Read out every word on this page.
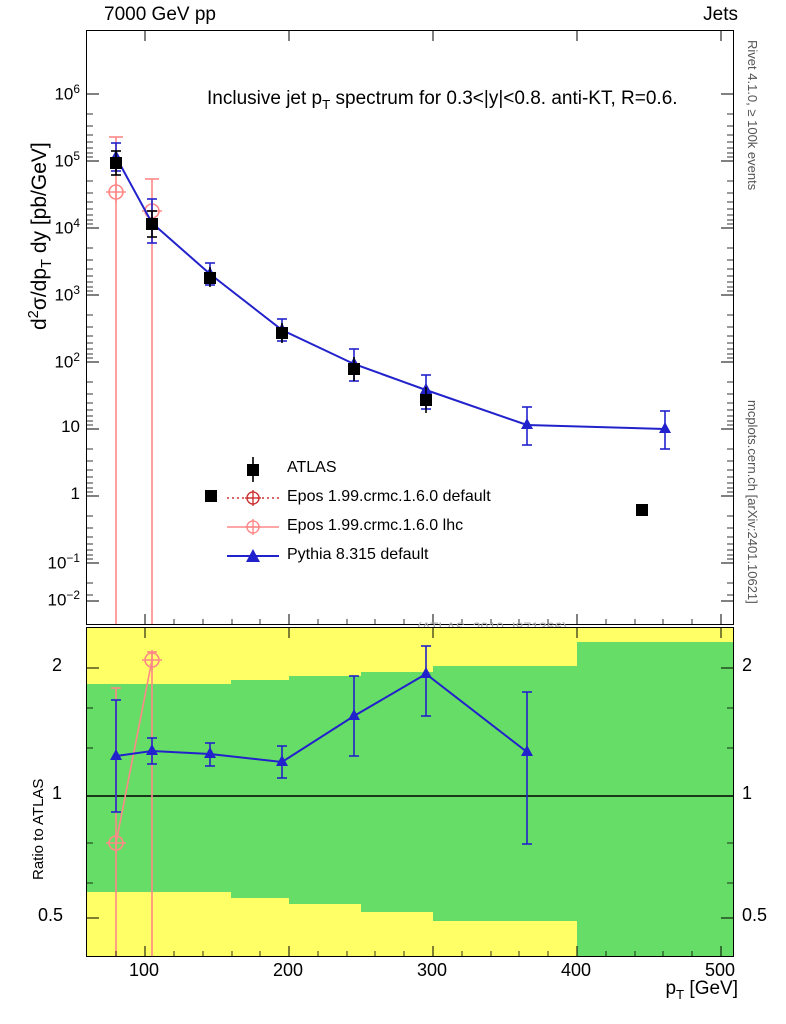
7000 GeV pp	Jets
Rivet 4.1.0, ≥ 100k events
mcplots.cern.ch [arXiv:2401.10621]
$d^2\sigma/dp_T$ dy [pb/GeV]
Ratio to ATLAS
$p_T$ [GeV]
Inclusive jet $p_T$ spectrum for 0.3<|y|<0.8. anti-KT, R=0.6.
ATLAS
Epos 1.99.crmc.1.6.0 default
Epos 1.99.crmc.1.6.0 lhc
Pythia 8.315 default
$10^6$
$10^5$
$10^4$
$10^3$
$10^2$
10
1
$10^{-1}$
$10^{-2}$
2
1
0.5
2
1
0.5
100	200	300	400	500
